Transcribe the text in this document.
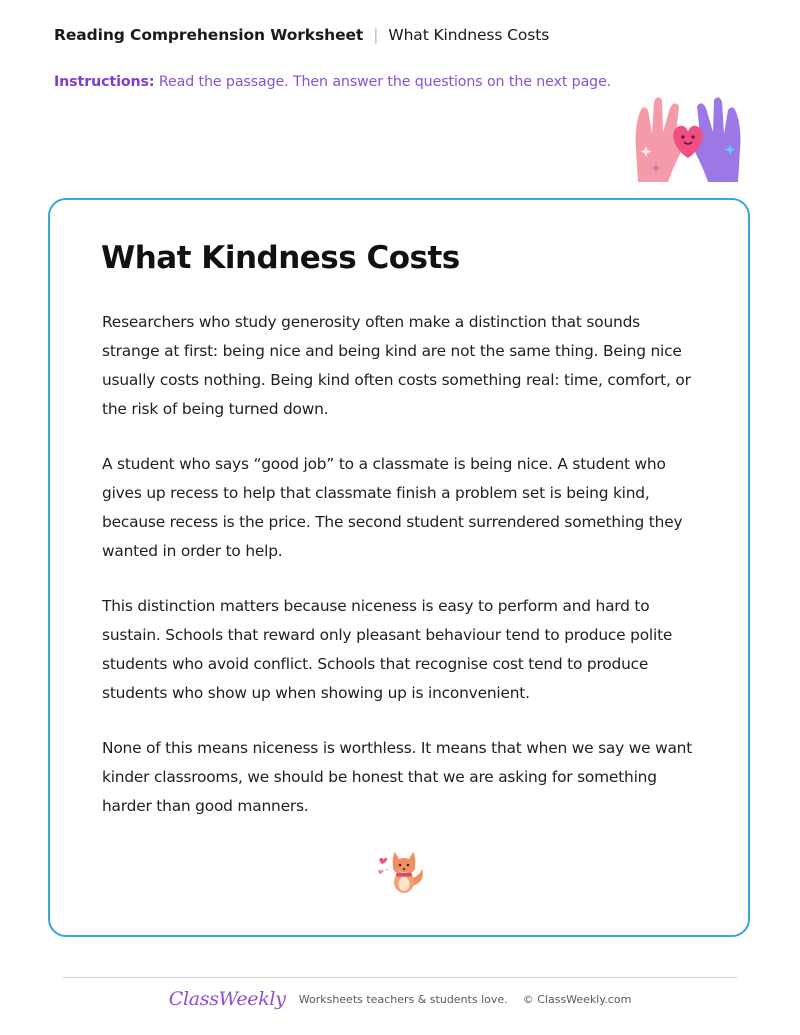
Reading Comprehension Worksheet | What Kindness Costs
Instructions: Read the passage. Then answer the questions on the next page.
What Kindness Costs

Researchers who study generosity often make a distinction that sounds strange at first: being nice and being kind are not the same thing. Being nice usually costs nothing. Being kind often costs something real: time, comfort, or the risk of being turned down.

A student who says “good job” to a classmate is being nice. A student who gives up recess to help that classmate finish a problem set is being kind, because recess is the price. The second student surrendered something they wanted in order to help.

This distinction matters because niceness is easy to perform and hard to sustain. Schools that reward only pleasant behaviour tend to produce polite students who avoid conflict. Schools that recognise cost tend to produce students who show up when showing up is inconvenient.

None of this means niceness is worthless. It means that when we say we want kinder classrooms, we should be honest that we are asking for something harder than good manners.

ClassWeekly Worksheets teachers & students love. © ClassWeekly.com
